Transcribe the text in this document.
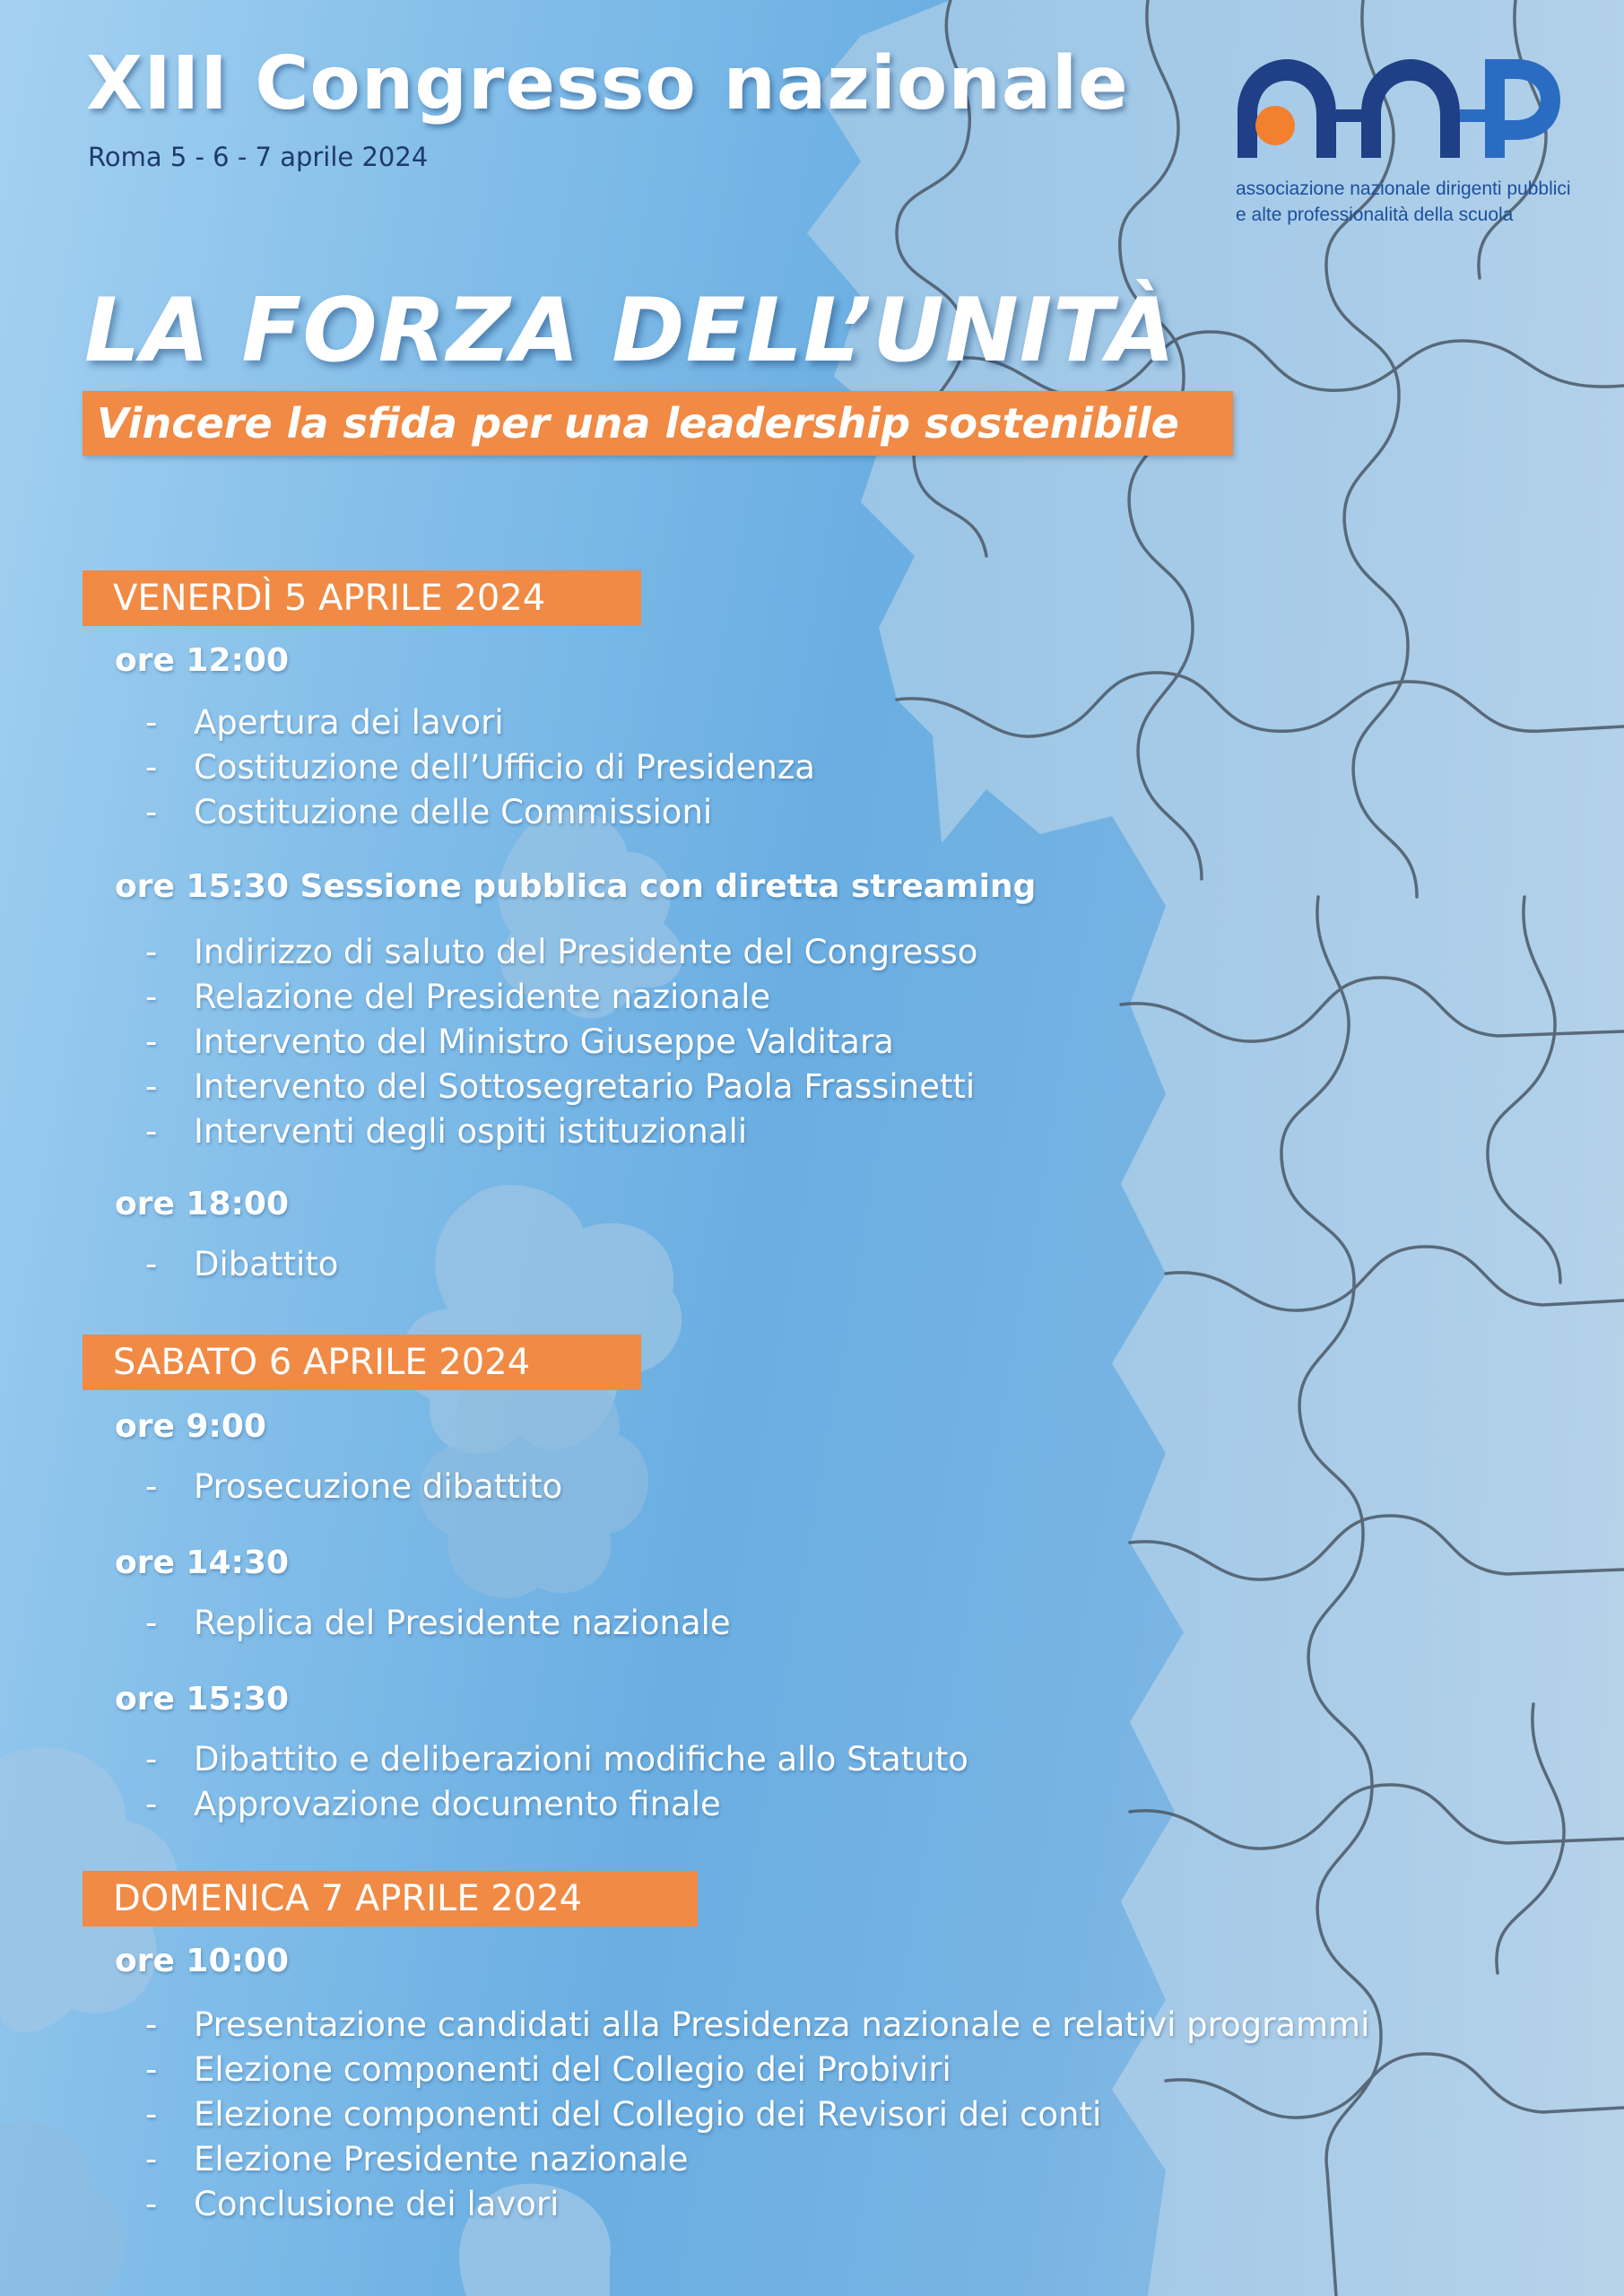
XIII Congresso nazionale
Roma 5 - 6 - 7 aprile 2024
associazione nazionale dirigenti pubblici
e alte professionalità della scuola
LA FORZA DELL’UNITÀ
Vincere la sfida per una leadership sostenibile
VENERDÌ 5 APRILE 2024
ore 12:00
- Apertura dei lavori
- Costituzione dell’Ufficio di Presidenza
- Costituzione delle Commissioni
ore 15:30 Sessione pubblica con diretta streaming
- Indirizzo di saluto del Presidente del Congresso
- Relazione del Presidente nazionale
- Intervento del Ministro Giuseppe Valditara
- Intervento del Sottosegretario Paola Frassinetti
- Interventi degli ospiti istituzionali
ore 18:00
- Dibattito
SABATO 6 APRILE 2024
ore 9:00
- Prosecuzione dibattito
ore 14:30
- Replica del Presidente nazionale
ore 15:30
- Dibattito e deliberazioni modifiche allo Statuto
- Approvazione documento finale
DOMENICA 7 APRILE 2024
ore 10:00
- Presentazione candidati alla Presidenza nazionale e relativi programmi
- Elezione componenti del Collegio dei Probiviri
- Elezione componenti del Collegio dei Revisori dei conti
- Elezione Presidente nazionale
- Conclusione dei lavori
